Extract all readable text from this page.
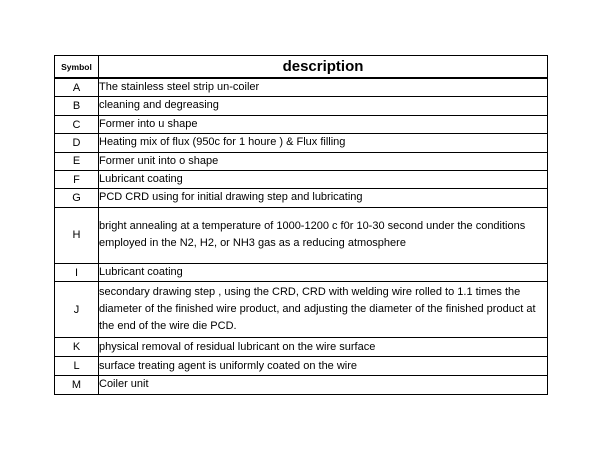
Symbol	description
A	The stainless steel strip un-coiler
B	cleaning and degreasing
C	Former into u shape
D	Heating mix of flux (950c for 1 houre ) & Flux filling
E	Former unit into o shape
F	Lubricant coating
G	PCD CRD using for initial drawing step and lubricating
H	bright annealing at a temperature of 1000-1200 c f0r 10-30 second under the conditions employed in the N2, H2, or NH3 gas as a reducing atmosphere
I	Lubricant coating
J	secondary drawing step , using the CRD, CRD with welding wire rolled to 1.1 times the diameter of the finished wire product, and adjusting the diameter of the finished product at the end of the wire die PCD.
K	physical removal of residual lubricant on the wire surface
L	surface treating agent is uniformly coated on the wire
M	Coiler unit
